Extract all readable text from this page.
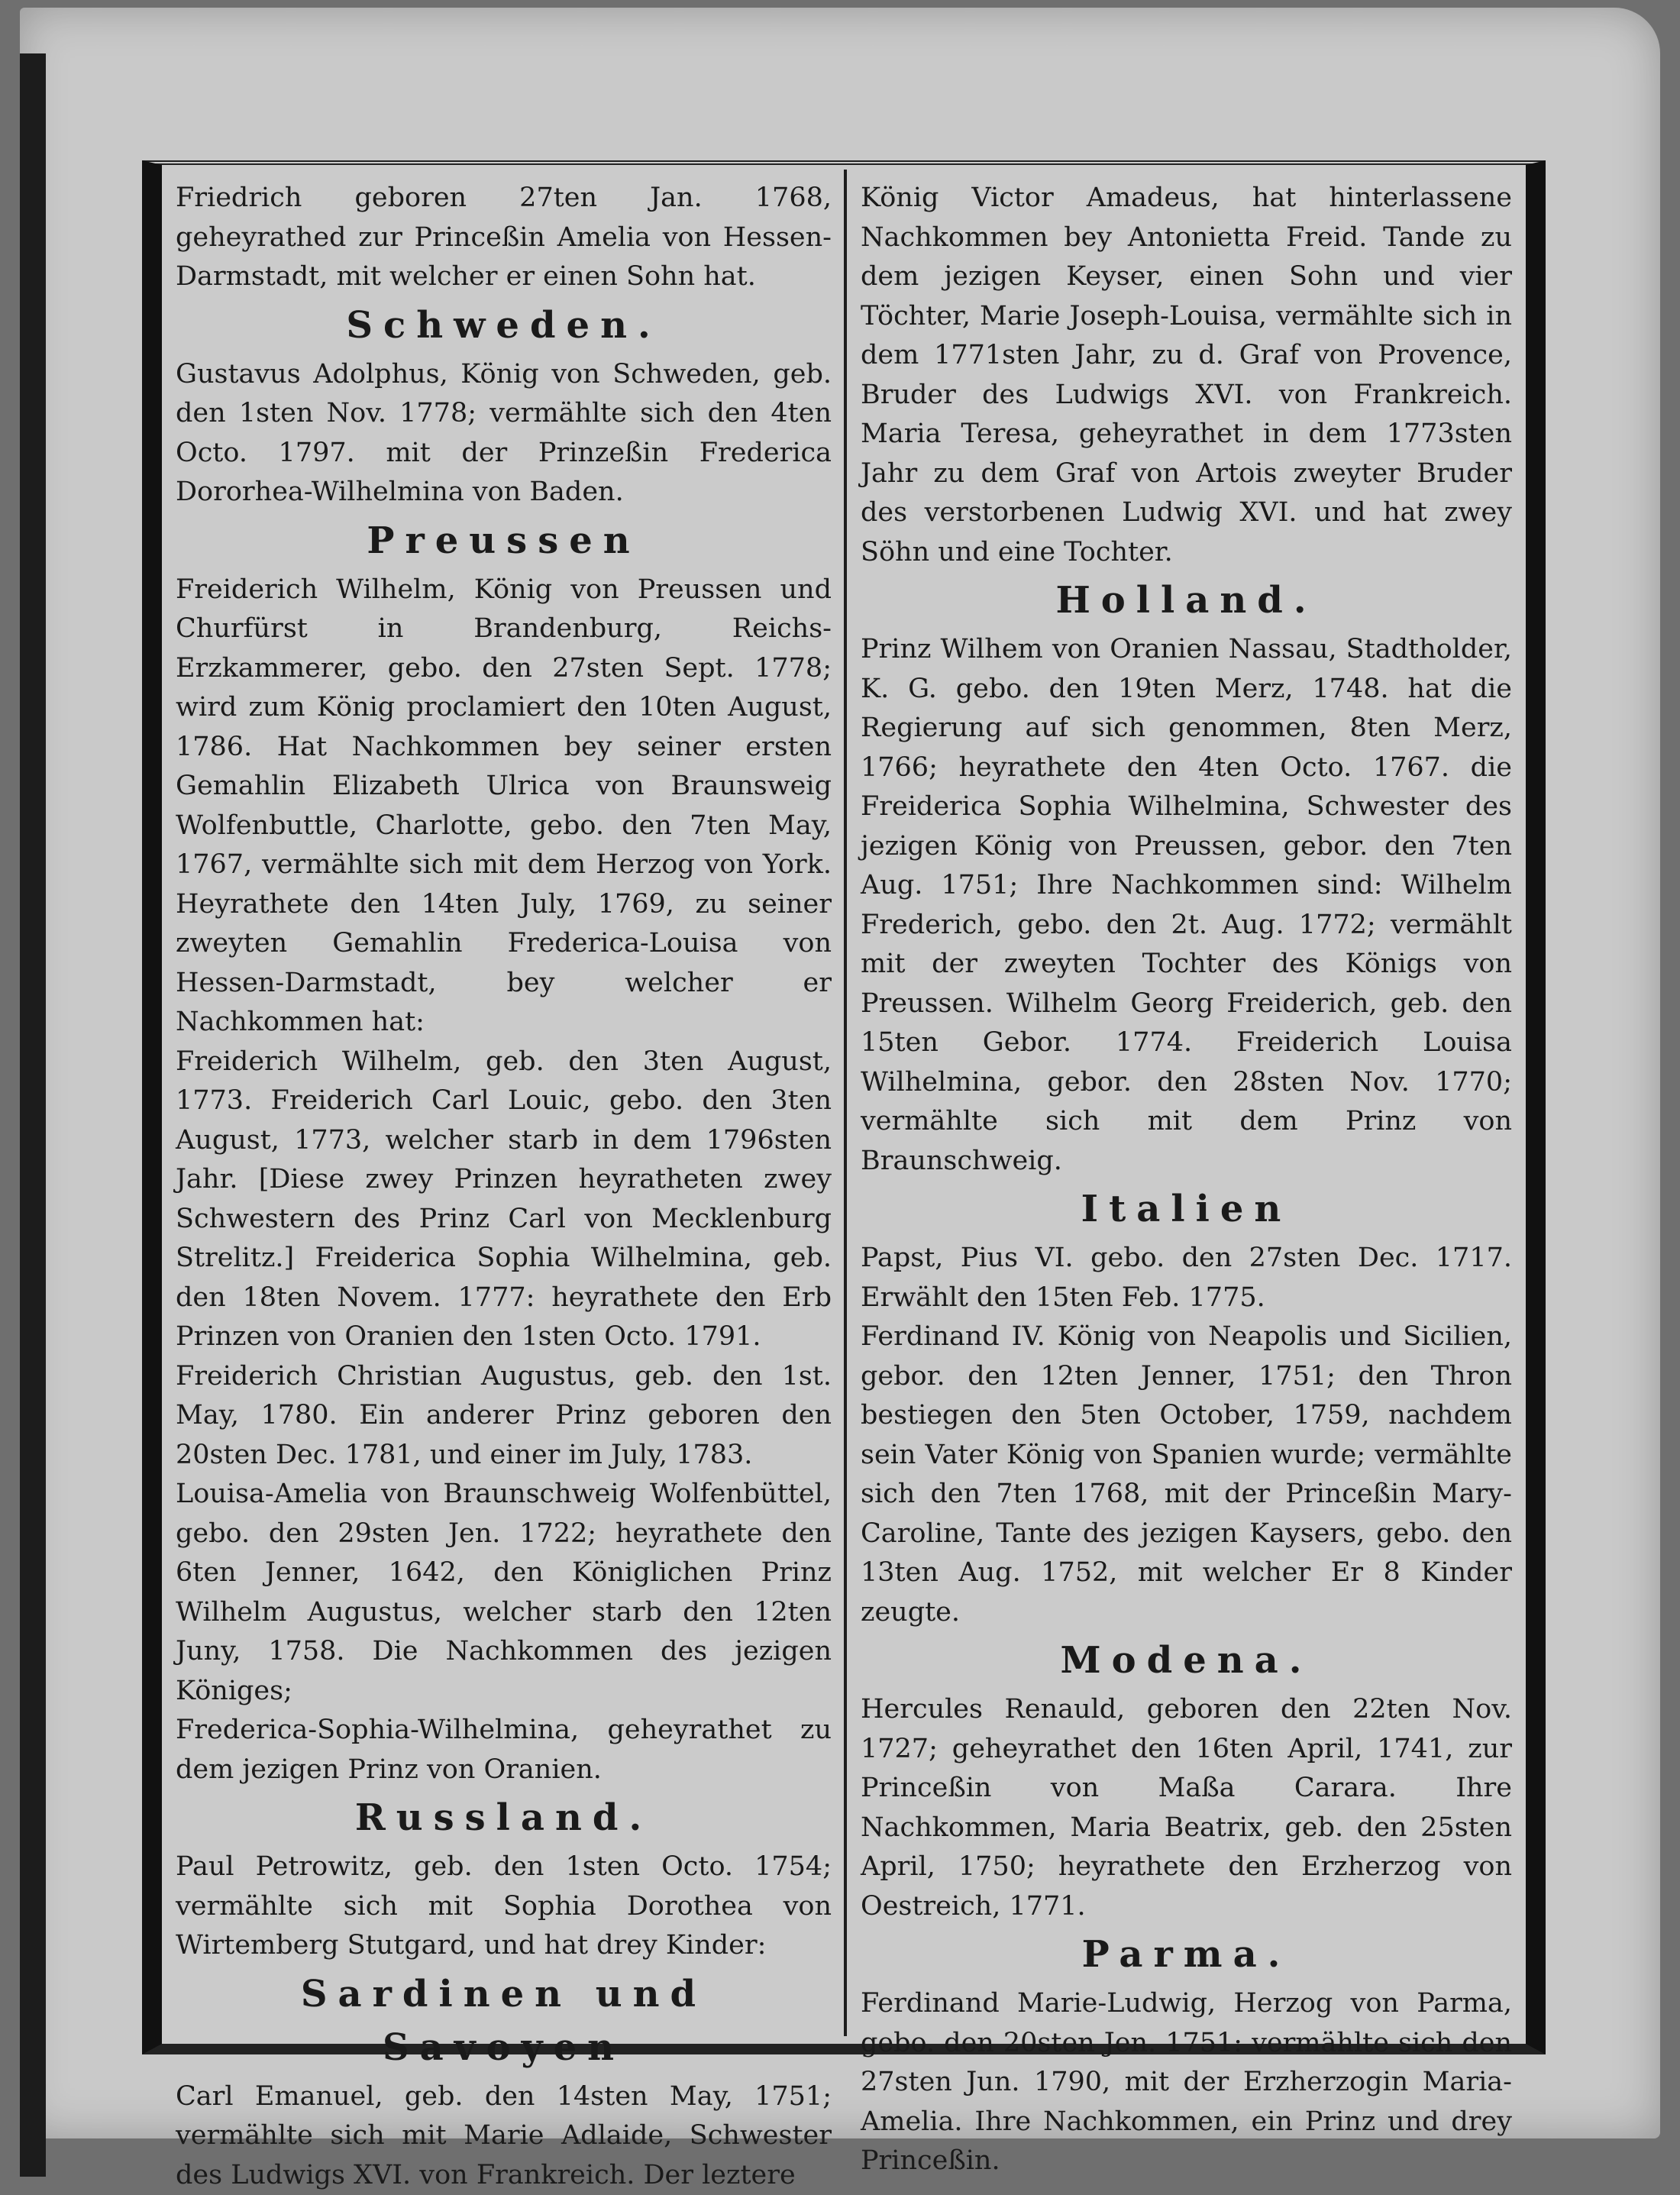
Friedrich geboren 27ten Jan. 1768, geheyrathed zur Princeßin Amelia von Hessen-Darmstadt, mit welcher er einen Sohn hat.

Schweden.

Gustavus Adolphus, König von Schweden, geb. den 1sten Nov. 1778; vermählte sich den 4ten Octo. 1797. mit der Prinzeßin Frederica Dororhea-Wilhelmina von Baden.

Preussen

Freiderich Wilhelm, König von Preussen und Churfürst in Brandenburg, Reichs-Erzkammerer, gebo. den 27sten Sept. 1778; wird zum König proclamiert den 10ten August, 1786. Hat Nachkommen bey seiner ersten Gemahlin Elizabeth Ulrica von Braunsweig Wolfenbuttle, Charlotte, gebo. den 7ten May, 1767, vermählte sich mit dem Herzog von York. Heyrathete den 14ten July, 1769, zu seiner zweyten Gemahlin Frederica-Louisa von Hessen-Darmstadt, bey welcher er Nachkommen hat:

Freiderich Wilhelm, geb. den 3ten August, 1773. Freiderich Carl Louic, gebo. den 3ten August, 1773, welcher starb in dem 1796sten Jahr. [Diese zwey Prinzen heyratheten zwey Schwestern des Prinz Carl von Mecklenburg Strelitz.] Freiderica Sophia Wilhelmina, geb. den 18ten Novem. 1777: heyrathete den Erb Prinzen von Oranien den 1sten Octo. 1791.

Freiderich Christian Augustus, geb. den 1st. May, 1780. Ein anderer Prinz geboren den 20sten Dec. 1781, und einer im July, 1783.

Louisa-Amelia von Braunschweig Wolfenbüttel, gebo. den 29sten Jen. 1722; heyrathete den 6ten Jenner, 1642, den Königlichen Prinz Wilhelm Augustus, welcher starb den 12ten Juny, 1758. Die Nachkommen des jezigen Königes;

Frederica-Sophia-Wilhelmina, geheyrathet zu dem jezigen Prinz von Oranien.

Russland.

Paul Petrowitz, geb. den 1sten Octo. 1754; vermählte sich mit Sophia Dorothea von Wirtemberg Stutgard, und hat drey Kinder:

Sardinen und Savoyen

Carl Emanuel, geb. den 14sten May, 1751; vermählte sich mit Marie Adlaide, Schwester des Ludwigs XVI. von Frankreich. Der leztere

König Victor Amadeus, hat hinterlassene Nachkommen bey Antonietta Freid. Tande zu dem jezigen Keyser, einen Sohn und vier Töchter, Marie Joseph-Louisa, vermählte sich in dem 1771sten Jahr, zu d. Graf von Provence, Bruder des Ludwigs XVI. von Frankreich. Maria Teresa, geheyrathet in dem 1773sten Jahr zu dem Graf von Artois zweyter Bruder des verstorbenen Ludwig XVI. und hat zwey Söhn und eine Tochter.

Holland.

Prinz Wilhem von Oranien Nassau, Stadtholder, K. G. gebo. den 19ten Merz, 1748. hat die Regierung auf sich genommen, 8ten Merz, 1766; heyrathete den 4ten Octo. 1767. die Freiderica Sophia Wilhelmina, Schwester des jezigen König von Preussen, gebor. den 7ten Aug. 1751; Ihre Nachkommen sind: Wilhelm Frederich, gebo. den 2t. Aug. 1772; vermählt mit der zweyten Tochter des Königs von Preussen. Wilhelm Georg Freiderich, geb. den 15ten Gebor. 1774. Freiderich Louisa Wilhelmina, gebor. den 28sten Nov. 1770; vermählte sich mit dem Prinz von Braunschweig.

Italien

Papst, Pius VI. gebo. den 27sten Dec. 1717. Erwählt den 15ten Feb. 1775.

Ferdinand IV. König von Neapolis und Sicilien, gebor. den 12ten Jenner, 1751; den Thron bestiegen den 5ten October, 1759, nachdem sein Vater König von Spanien wurde; vermählte sich den 7ten 1768, mit der Princeßin Mary-Caroline, Tante des jezigen Kaysers, gebo. den 13ten Aug. 1752, mit welcher Er 8 Kinder zeugte.

Modena.

Hercules Renauld, geboren den 22ten Nov. 1727; geheyrathet den 16ten April, 1741, zur Princeßin von Maßa Carara. Ihre Nachkommen, Maria Beatrix, geb. den 25sten April, 1750; heyrathete den Erzherzog von Oestreich, 1771.

Parma.

Ferdinand Marie-Ludwig, Herzog von Parma, gebo. den 20sten Jen. 1751: vermählte sich den 27sten Jun. 1790, mit der Erzherzogin Maria-Amelia. Ihre Nachkommen, ein Prinz und drey Princeßin.
